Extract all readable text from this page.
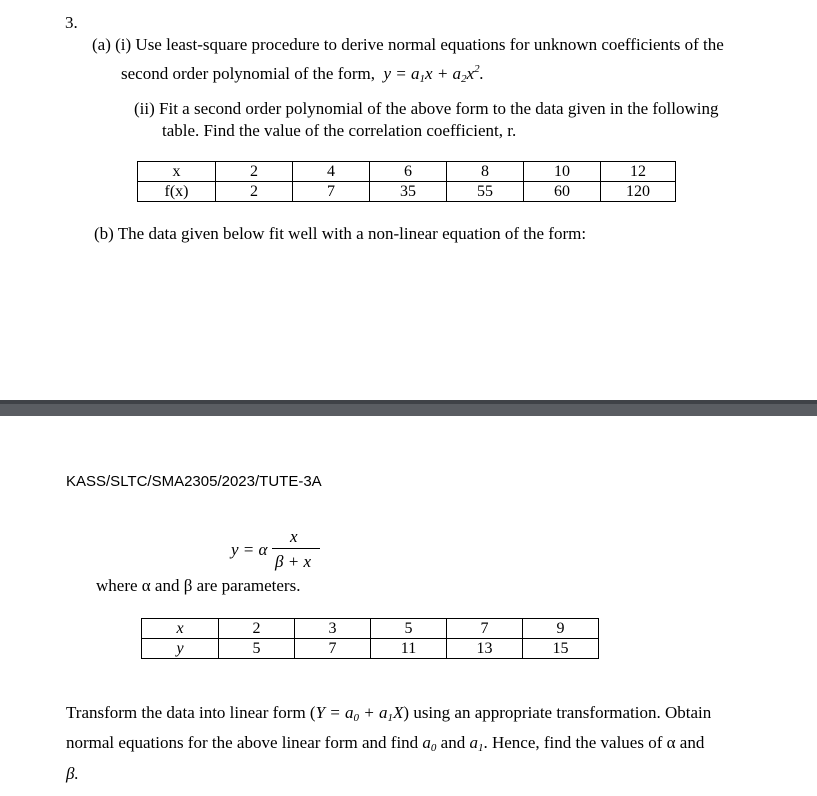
3.
(a) (i) Use least-square procedure to derive normal equations for unknown coefficients of the
second order polynomial of the form,  $y = a_1x + a_2x^2$.
(ii) Fit a second order polynomial of the above form to the data given in the following
table. Find the value of the correlation coefficient, r.
x	2	4	6	8	10	12
f(x)	2	7	35	55	60	120
(b) The data given below fit well with a non-linear equation of the form:
KASS/SLTC/SMA2305/2023/TUTE-3A
y = α
x
β + x
where α and β are parameters.
x	2	3	5	7	9
y	5	7	11	13	15
Transform the data into linear form $(Y = a_0 + a_1X)$ using an appropriate transformation. Obtain
normal equations for the above linear form and find $a_0$ and $a_1$. Hence, find the values of α and
β.
